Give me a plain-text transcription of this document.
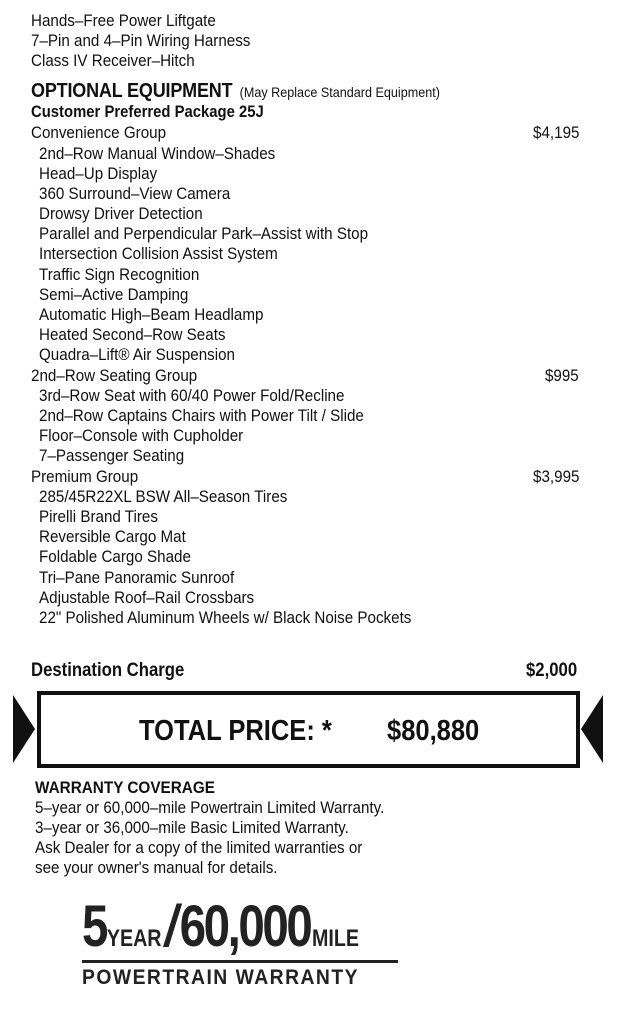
Hands–Free Power Liftgate
7–Pin and 4–Pin Wiring Harness
Class IV Receiver–Hitch
OPTIONAL EQUIPMENT (May Replace Standard Equipment)
Customer Preferred Package 25J
Convenience Group	$4,195
2nd–Row Manual Window–Shades
Head–Up Display
360 Surround–View Camera
Drowsy Driver Detection
Parallel and Perpendicular Park–Assist with Stop
Intersection Collision Assist System
Traffic Sign Recognition
Semi–Active Damping
Automatic High–Beam Headlamp
Heated Second–Row Seats
Quadra–Lift® Air Suspension
2nd–Row Seating Group	$995
3rd–Row Seat with 60/40 Power Fold/Recline
2nd–Row Captains Chairs with Power Tilt / Slide
Floor–Console with Cupholder
7–Passenger Seating
Premium Group	$3,995
285/45R22XL BSW All–Season Tires
Pirelli Brand Tires
Reversible Cargo Mat
Foldable Cargo Shade
Tri–Pane Panoramic Sunroof
Adjustable Roof–Rail Crossbars
22" Polished Aluminum Wheels w/ Black Noise Pockets
Destination Charge	$2,000
TOTAL PRICE: * $80,880
WARRANTY COVERAGE
5–year or 60,000–mile Powertrain Limited Warranty.
3–year or 36,000–mile Basic Limited Warranty.
Ask Dealer for a copy of the limited warranties or
see your owner's manual for details.
5YEAR/60,000MILE
POWERTRAIN WARRANTY
